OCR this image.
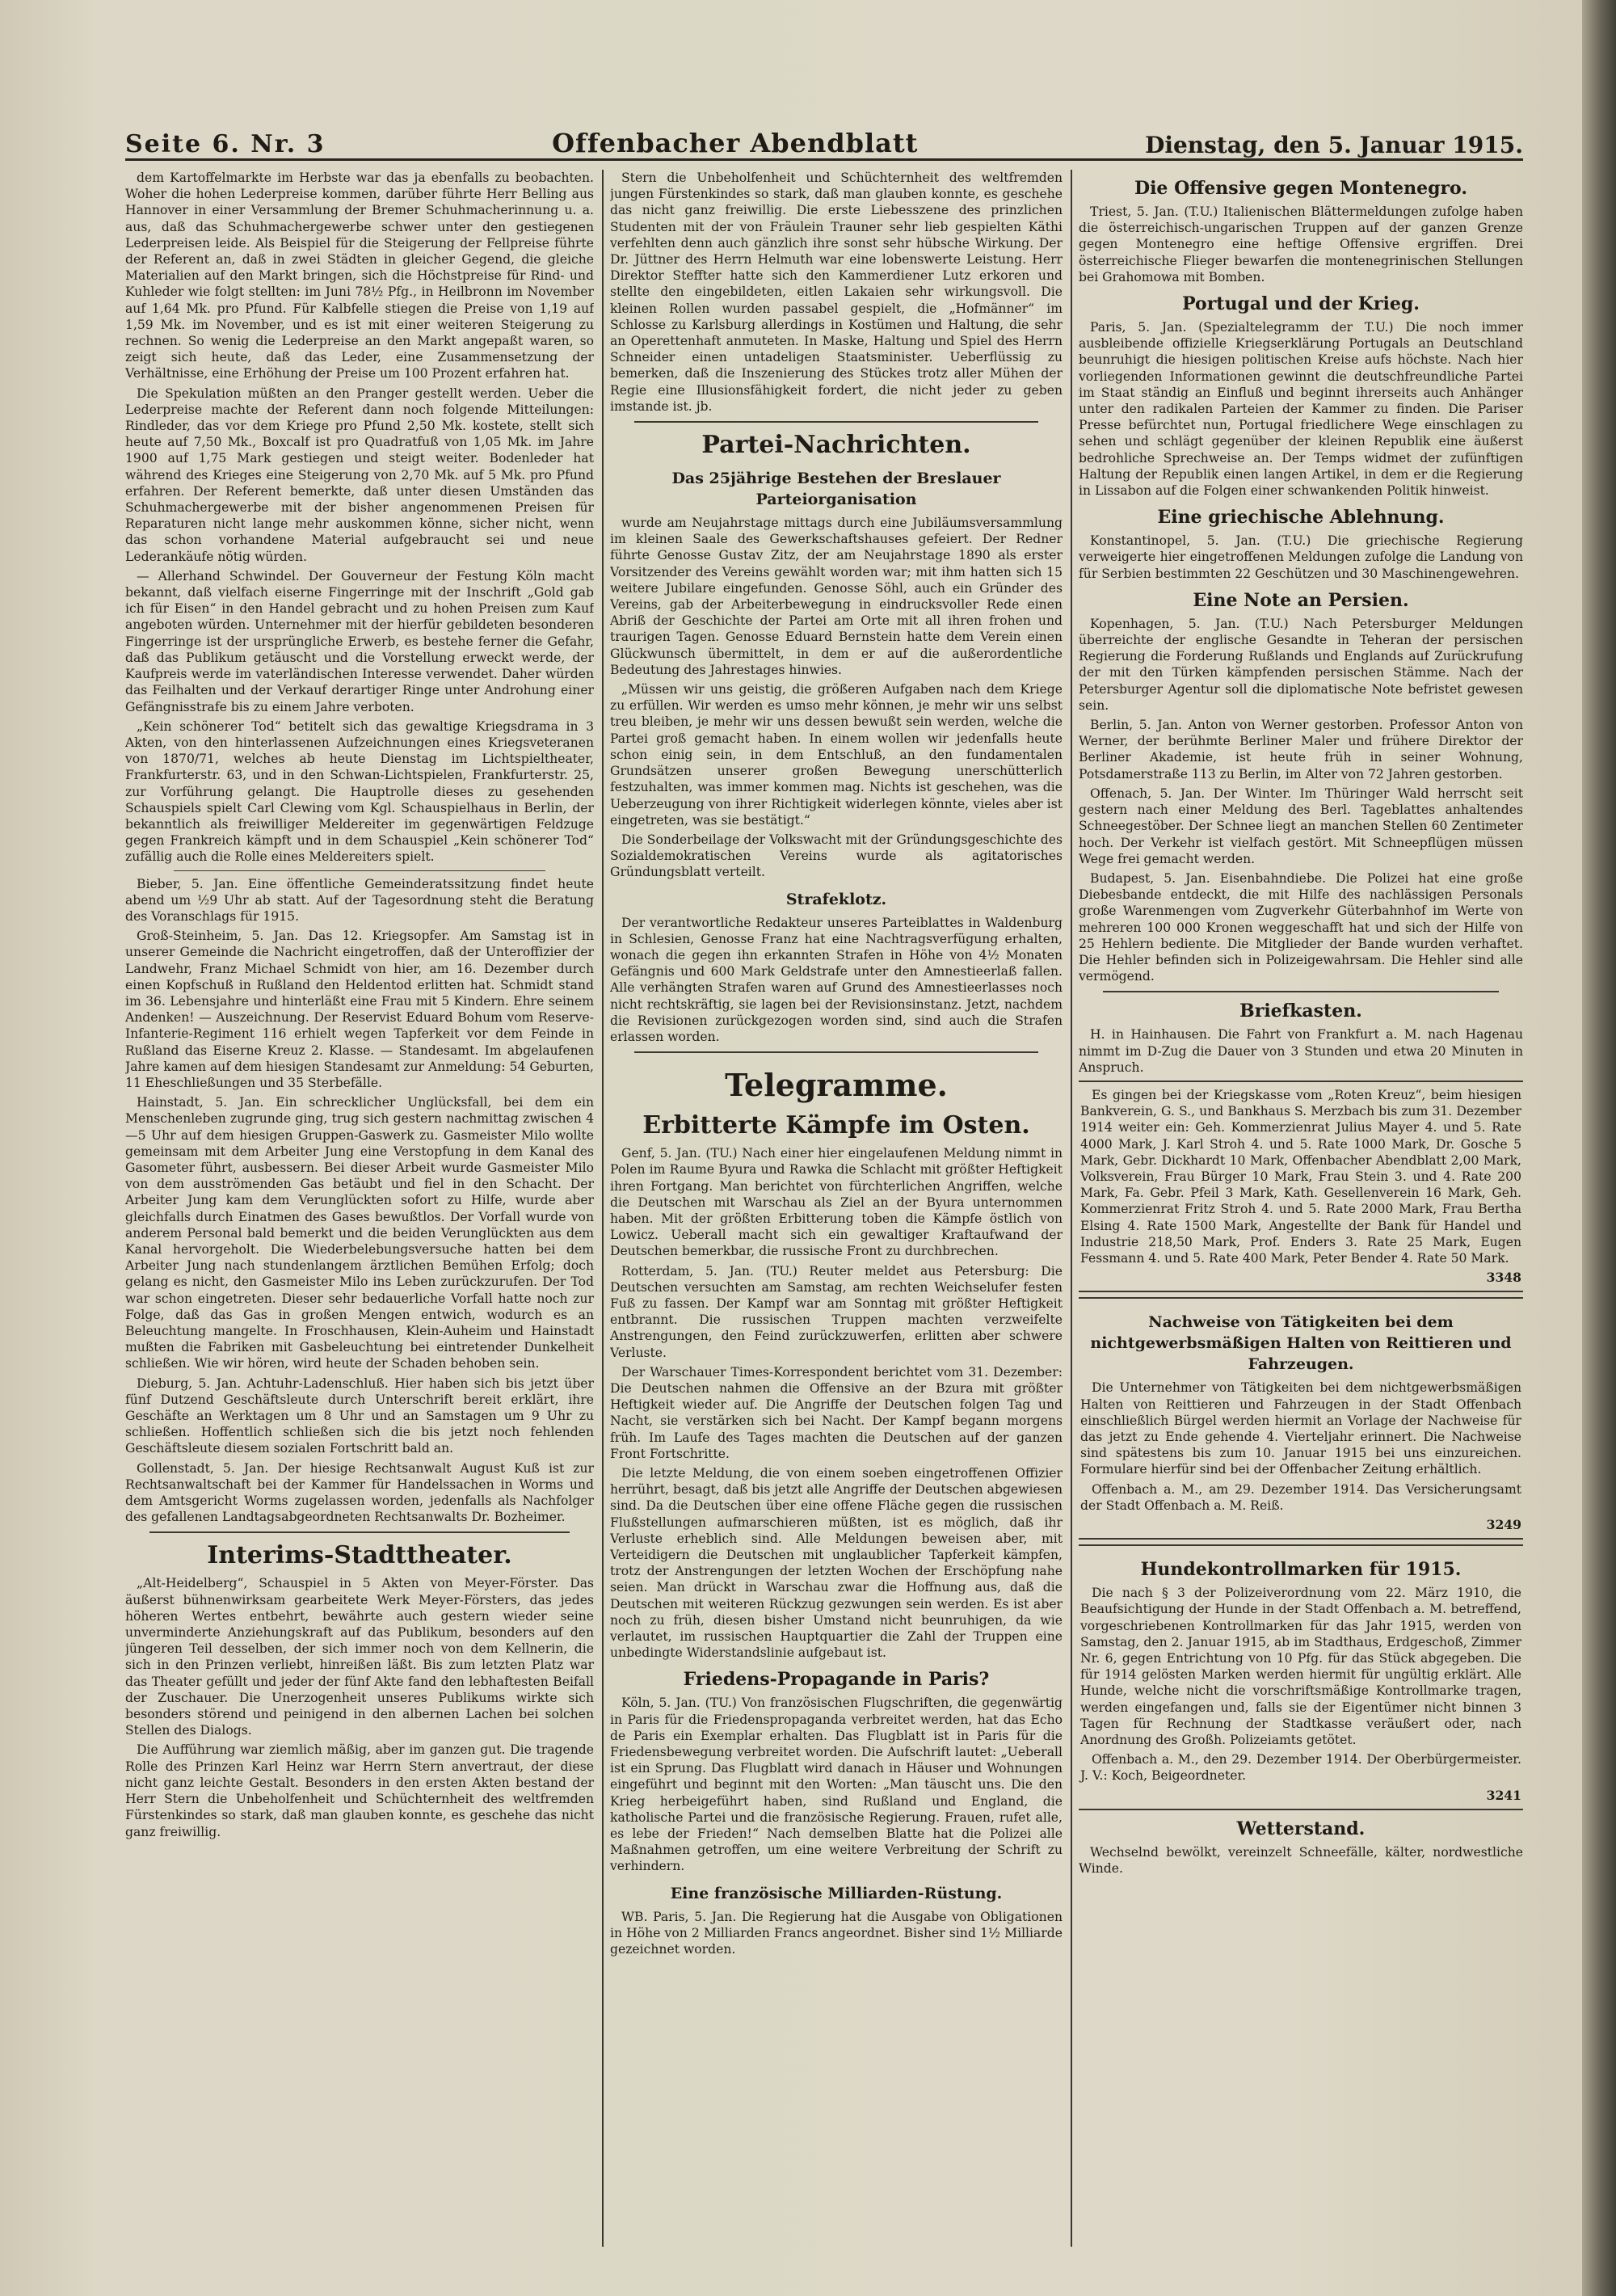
Seite 6. Nr. 3	Offenbacher Abendblatt	Dienstag, den 5. Januar 1915.

dem Kartoffelmarkte im Herbste war das ja ebenfalls zu beobachten. Woher die hohen Lederpreise kommen, darüber führte Herr Belling aus Hannover in einer Versammlung der Bremer Schuhmacherinnung u. a. aus, daß das Schuhmachergewerbe schwer unter den gestiegenen Lederpreisen leide. Als Beispiel für die Steigerung der Fellpreise führte der Referent an, daß in zwei Städten in gleicher Gegend, die gleiche Materialien auf den Markt bringen, sich die Höchstpreise für Rind- und Kuhleder wie folgt stellten: im Juni 78½ Pfg., in Heilbronn im November auf 1,64 Mk. pro Pfund. Für Kalbfelle stiegen die Preise von 1,19 auf 1,59 Mk. im November, und es ist mit einer weiteren Steigerung zu rechnen. So wenig die Lederpreise an den Markt angepaßt waren, so zeigt sich heute, daß das Leder, eine Zusammensetzung der Verhältnisse, eine Erhöhung der Preise um 100 Prozent erfahren hat.

Die Spekulation müßten an den Pranger gestellt werden. Ueber die Lederpreise machte der Referent dann noch folgende Mitteilungen: Rindleder, das vor dem Kriege pro Pfund 2,50 Mk. kostete, stellt sich heute auf 7,50 Mk., Boxcalf ist pro Quadratfuß von 1,05 Mk. im Jahre 1900 auf 1,75 Mark gestiegen und steigt weiter. Bodenleder hat während des Krieges eine Steigerung von 2,70 Mk. auf 5 Mk. pro Pfund erfahren. Der Referent bemerkte, daß unter diesen Umständen das Schuhmachergewerbe mit der bisher angenommenen Preisen für Reparaturen nicht lange mehr auskommen könne, sicher nicht, wenn das schon vorhandene Material aufgebraucht sei und neue Lederankäufe nötig würden.

— Allerhand Schwindel. Der Gouverneur der Festung Köln macht bekannt, daß vielfach eiserne Fingerringe mit der Inschrift „Gold gab ich für Eisen“ in den Handel gebracht und zu hohen Preisen zum Kauf angeboten würden. Unternehmer mit der hierfür gebildeten besonderen Fingerringe ist der ursprüngliche Erwerb, es bestehe ferner die Gefahr, daß das Publikum getäuscht und die Vorstellung erweckt werde, der Kaufpreis werde im vaterländischen Interesse verwendet. Daher würden das Feilhalten und der Verkauf derartiger Ringe unter Androhung einer Gefängnisstrafe bis zu einem Jahre verboten.

„Kein schönerer Tod“ betitelt sich das gewaltige Kriegsdrama in 3 Akten, von den hinterlassenen Aufzeichnungen eines Kriegsveteranen von 1870/71, welches ab heute Dienstag im Lichtspieltheater, Frankfurterstr. 63, und in den Schwan-Lichtspielen, Frankfurterstr. 25, zur Vorführung gelangt. Die Hauptrolle dieses zu gesehenden Schauspiels spielt Carl Clewing vom Kgl. Schauspielhaus in Berlin, der bekanntlich als freiwilliger Meldereiter im gegenwärtigen Feldzuge gegen Frankreich kämpft und in dem Schauspiel „Kein schönerer Tod“ zufällig auch die Rolle eines Meldereiters spielt.

Bieber, 5. Jan. Eine öffentliche Gemeinderatssitzung findet heute abend um ½9 Uhr ab statt. Auf der Tagesordnung steht die Beratung des Voranschlags für 1915.

Groß-Steinheim, 5. Jan. Das 12. Kriegsopfer. Am Samstag ist in unserer Gemeinde die Nachricht eingetroffen, daß der Unteroffizier der Landwehr, Franz Michael Schmidt von hier, am 16. Dezember durch einen Kopfschuß in Rußland den Heldentod erlitten hat. Schmidt stand im 36. Lebensjahre und hinterläßt eine Frau mit 5 Kindern. Ehre seinem Andenken! — Auszeichnung. Der Reservist Eduard Bohum vom Reserve-Infanterie-Regiment 116 erhielt wegen Tapferkeit vor dem Feinde in Rußland das Eiserne Kreuz 2. Klasse. — Standesamt. Im abgelaufenen Jahre kamen auf dem hiesigen Standesamt zur Anmeldung: 54 Geburten, 11 Eheschließungen und 35 Sterbefälle.

Hainstadt, 5. Jan. Ein schrecklicher Unglücksfall, bei dem ein Menschenleben zugrunde ging, trug sich gestern nachmittag zwischen 4—5 Uhr auf dem hiesigen Gruppen-Gaswerk zu. Gasmeister Milo wollte gemeinsam mit dem Arbeiter Jung eine Verstopfung in dem Kanal des Gasometer führt, ausbessern. Bei dieser Arbeit wurde Gasmeister Milo von dem ausströmenden Gas betäubt und fiel in den Schacht. Der Arbeiter Jung kam dem Verunglückten sofort zu Hilfe, wurde aber gleichfalls durch Einatmen des Gases bewußtlos. Der Vorfall wurde von anderem Personal bald bemerkt und die beiden Verunglückten aus dem Kanal hervorgeholt. Die Wiederbelebungsversuche hatten bei dem Arbeiter Jung nach stundenlangem ärztlichen Bemühen Erfolg; doch gelang es nicht, den Gasmeister Milo ins Leben zurückzurufen. Der Tod war schon eingetreten. Dieser sehr bedauerliche Vorfall hatte noch zur Folge, daß das Gas in großen Mengen entwich, wodurch es an Beleuchtung mangelte. In Froschhausen, Klein-Auheim und Hainstadt mußten die Fabriken mit Gasbeleuchtung bei eintretender Dunkelheit schließen. Wie wir hören, wird heute der Schaden behoben sein.

Dieburg, 5. Jan. Achtuhr-Ladenschluß. Hier haben sich bis jetzt über fünf Dutzend Geschäftsleute durch Unterschrift bereit erklärt, ihre Geschäfte an Werktagen um 8 Uhr und an Samstagen um 9 Uhr zu schließen. Hoffentlich schließen sich die bis jetzt noch fehlenden Geschäftsleute diesem sozialen Fortschritt bald an.

Gollenstadt, 5. Jan. Der hiesige Rechtsanwalt August Kuß ist zur Rechtsanwaltschaft bei der Kammer für Handelssachen in Worms und dem Amtsgericht Worms zugelassen worden, jedenfalls als Nachfolger des gefallenen Landtagsabgeordneten Rechtsanwalts Dr. Bozheimer.

Interims-Stadttheater.

„Alt-Heidelberg“, Schauspiel in 5 Akten von Meyer-Förster. Das äußerst bühnenwirksam gearbeitete Werk Meyer-Försters, das jedes höheren Wertes entbehrt, bewährte auch gestern wieder seine unverminderte Anziehungskraft auf das Publikum, besonders auf den jüngeren Teil desselben, der sich immer noch von dem Kellnerin, die sich in den Prinzen verliebt, hinreißen läßt. Bis zum letzten Platz war das Theater gefüllt und jeder der fünf Akte fand den lebhaftesten Beifall der Zuschauer. Die Unerzogenheit unseres Publikums wirkte sich besonders störend und peinigend in den albernen Lachen bei solchen Stellen des Dialogs.

Die Aufführung war ziemlich mäßig, aber im ganzen gut. Die tragende Rolle des Prinzen Karl Heinz war Herrn Stern anvertraut, der diese nicht ganz leichte Gestalt. Besonders in den ersten Akten bestand der Herr Stern die Unbeholfenheit und Schüchternheit des weltfremden Fürstenkindes so stark, daß man glauben konnte, es geschehe das nicht ganz freiwillig.

Stern die Unbeholfenheit und Schüchternheit des weltfremden jungen Fürstenkindes so stark, daß man glauben konnte, es geschehe das nicht ganz freiwillig. Die erste Liebesszene des prinzlichen Studenten mit der von Fräulein Trauner sehr lieb gespielten Käthi verfehlten denn auch gänzlich ihre sonst sehr hübsche Wirkung. Der Dr. Jüttner des Herrn Helmuth war eine lobenswerte Leistung. Herr Direktor Steffter hatte sich den Kammerdiener Lutz erkoren und stellte den eingebildeten, eitlen Lakaien sehr wirkungsvoll. Die kleinen Rollen wurden passabel gespielt, die „Hofmänner“ im Schlosse zu Karlsburg allerdings in Kostümen und Haltung, die sehr an Operettenhaft anmuteten. In Maske, Haltung und Spiel des Herrn Schneider einen untadeligen Staatsminister. Ueberflüssig zu bemerken, daß die Inszenierung des Stückes trotz aller Mühen der Regie eine Illusionsfähigkeit fordert, die nicht jeder zu geben imstande ist. jb.

Partei-Nachrichten.
Das 25jährige Bestehen der Breslauer Parteiorganisation

wurde am Neujahrstage mittags durch eine Jubiläumsversammlung im kleinen Saale des Gewerkschaftshauses gefeiert. Der Redner führte Genosse Gustav Zitz, der am Neujahrstage 1890 als erster Vorsitzender des Vereins gewählt worden war; mit ihm hatten sich 15 weitere Jubilare eingefunden. Genosse Söhl, auch ein Gründer des Vereins, gab der Arbeiterbewegung in eindrucksvoller Rede einen Abriß der Geschichte der Partei am Orte mit all ihren frohen und traurigen Tagen. Genosse Eduard Bernstein hatte dem Verein einen Glückwunsch übermittelt, in dem er auf die außerordentliche Bedeutung des Jahrestages hinwies.

„Müssen wir uns geistig, die größeren Aufgaben nach dem Kriege zu erfüllen. Wir werden es umso mehr können, je mehr wir uns selbst treu bleiben, je mehr wir uns dessen bewußt sein werden, welche die Partei groß gemacht haben. In einem wollen wir jedenfalls heute schon einig sein, in dem Entschluß, an den fundamentalen Grundsätzen unserer großen Bewegung unerschütterlich festzuhalten, was immer kommen mag. Nichts ist geschehen, was die Ueberzeugung von ihrer Richtigkeit widerlegen könnte, vieles aber ist eingetreten, was sie bestätigt.“

Die Sonderbeilage der Volkswacht mit der Gründungsgeschichte des Sozialdemokratischen Vereins wurde als agitatorisches Gründungsblatt verteilt.

Strafeklotz.

Der verantwortliche Redakteur unseres Parteiblattes in Waldenburg in Schlesien, Genosse Franz hat eine Nachtragsverfügung erhalten, wonach die gegen ihn erkannten Strafen in Höhe von 4½ Monaten Gefängnis und 600 Mark Geldstrafe unter den Amnestieerlaß fallen. Alle verhängten Strafen waren auf Grund des Amnestieerlasses noch nicht rechtskräftig, sie lagen bei der Revisionsinstanz. Jetzt, nachdem die Revisionen zurückgezogen worden sind, sind auch die Strafen erlassen worden.

Telegramme.
Erbitterte Kämpfe im Osten.

Genf, 5. Jan. (TU.) Nach einer hier eingelaufenen Meldung nimmt in Polen im Raume Byura und Rawka die Schlacht mit größter Heftigkeit ihren Fortgang. Man berichtet von fürchterlichen Angriffen, welche die Deutschen mit Warschau als Ziel an der Byura unternommen haben. Mit der größten Erbitterung toben die Kämpfe östlich von Lowicz. Ueberall macht sich ein gewaltiger Kraftaufwand der Deutschen bemerkbar, die russische Front zu durchbrechen.

Rotterdam, 5. Jan. (TU.) Reuter meldet aus Petersburg: Die Deutschen versuchten am Samstag, am rechten Weichselufer festen Fuß zu fassen. Der Kampf war am Sonntag mit größter Heftigkeit entbrannt. Die russischen Truppen machten verzweifelte Anstrengungen, den Feind zurückzuwerfen, erlitten aber schwere Verluste.

Der Warschauer Times-Korrespondent berichtet vom 31. Dezember: Die Deutschen nahmen die Offensive an der Bzura mit größter Heftigkeit wieder auf. Die Angriffe der Deutschen folgen Tag und Nacht, sie verstärken sich bei Nacht. Der Kampf begann morgens früh. Im Laufe des Tages machten die Deutschen auf der ganzen Front Fortschritte.

Die letzte Meldung, die von einem soeben eingetroffenen Offizier herrührt, besagt, daß bis jetzt alle Angriffe der Deutschen abgewiesen sind. Da die Deutschen über eine offene Fläche gegen die russischen Flußstellungen aufmarschieren müßten, ist es möglich, daß ihr Verluste erheblich sind. Alle Meldungen beweisen aber, mit Verteidigern die Deutschen mit unglaublicher Tapferkeit kämpfen, trotz der Anstrengungen der letzten Wochen der Erschöpfung nahe seien. Man drückt in Warschau zwar die Hoffnung aus, daß die Deutschen mit weiteren Rückzug gezwungen sein werden. Es ist aber noch zu früh, diesen bisher Umstand nicht beunruhigen, da wie verlautet, im russischen Hauptquartier die Zahl der Truppen eine unbedingte Widerstandslinie aufgebaut ist.

Friedens-Propagande in Paris?

Köln, 5. Jan. (TU.) Von französischen Flugschriften, die gegenwärtig in Paris für die Friedenspropaganda verbreitet werden, hat das Echo de Paris ein Exemplar erhalten. Das Flugblatt ist in Paris für die Friedensbewegung verbreitet worden. Die Aufschrift lautet: „Ueberall ist ein Sprung. Das Flugblatt wird danach in Häuser und Wohnungen eingeführt und beginnt mit den Worten: „Man täuscht uns. Die den Krieg herbeigeführt haben, sind Rußland und England, die katholische Partei und die französische Regierung. Frauen, rufet alle, es lebe der Frieden!“ Nach demselben Blatte hat die Polizei alle Maßnahmen getroffen, um eine weitere Verbreitung der Schrift zu verhindern.

Eine französische Milliarden-Rüstung.

WB. Paris, 5. Jan. Die Regierung hat die Ausgabe von Obligationen in Höhe von 2 Milliarden Francs angeordnet. Bisher sind 1½ Milliarde gezeichnet worden.

Die Offensive gegen Montenegro.

Triest, 5. Jan. (T.U.) Italienischen Blättermeldungen zufolge haben die österreichisch-ungarischen Truppen auf der ganzen Grenze gegen Montenegro eine heftige Offensive ergriffen. Drei österreichische Flieger bewarfen die montenegrinischen Stellungen bei Grahomowa mit Bomben.

Portugal und der Krieg.

Paris, 5. Jan. (Spezialtelegramm der T.U.) Die noch immer ausbleibende offizielle Kriegserklärung Portugals an Deutschland beunruhigt die hiesigen politischen Kreise aufs höchste. Nach hier vorliegenden Informationen gewinnt die deutschfreundliche Partei im Staat ständig an Einfluß und beginnt ihrerseits auch Anhänger unter den radikalen Parteien der Kammer zu finden. Die Pariser Presse befürchtet nun, Portugal friedlichere Wege einschlagen zu sehen und schlägt gegenüber der kleinen Republik eine äußerst bedrohliche Sprechweise an. Der Temps widmet der zufünftigen Haltung der Republik einen langen Artikel, in dem er die Regierung in Lissabon auf die Folgen einer schwankenden Politik hinweist.

Eine griechische Ablehnung.

Konstantinopel, 5. Jan. (T.U.) Die griechische Regierung verweigerte hier eingetroffenen Meldungen zufolge die Landung von für Serbien bestimmten 22 Geschützen und 30 Maschinengewehren.

Eine Note an Persien.

Kopenhagen, 5. Jan. (T.U.) Nach Petersburger Meldungen überreichte der englische Gesandte in Teheran der persischen Regierung die Forderung Rußlands und Englands auf Zurückrufung der mit den Türken kämpfenden persischen Stämme. Nach der Petersburger Agentur soll die diplomatische Note befristet gewesen sein.

Berlin, 5. Jan. Anton von Werner gestorben. Professor Anton von Werner, der berühmte Berliner Maler und frühere Direktor der Berliner Akademie, ist heute früh in seiner Wohnung, Potsdamerstraße 113 zu Berlin, im Alter von 72 Jahren gestorben.

Offenach, 5. Jan. Der Winter. Im Thüringer Wald herrscht seit gestern nach einer Meldung des Berl. Tageblattes anhaltendes Schneegestöber. Der Schnee liegt an manchen Stellen 60 Zentimeter hoch. Der Verkehr ist vielfach gestört. Mit Schneepflügen müssen Wege frei gemacht werden.

Budapest, 5. Jan. Eisenbahndiebe. Die Polizei hat eine große Diebesbande entdeckt, die mit Hilfe des nachlässigen Personals große Warenmengen vom Zugverkehr Güterbahnhof im Werte von mehreren 100 000 Kronen weggeschafft hat und sich der Hilfe von 25 Hehlern bediente. Die Mitglieder der Bande wurden verhaftet. Die Hehler befinden sich in Polizeigewahrsam. Die Hehler sind alle vermögend.

Briefkasten.

H. in Hainhausen. Die Fahrt von Frankfurt a. M. nach Hagenau nimmt im D-Zug die Dauer von 3 Stunden und etwa 20 Minuten in Anspruch.

Es gingen bei der Kriegskasse vom „Roten Kreuz“, beim hiesigen Bankverein, G. S., und Bankhaus S. Merzbach bis zum 31. Dezember 1914 weiter ein: Geh. Kommerzienrat Julius Mayer 4. und 5. Rate 4000 Mark, J. Karl Stroh 4. und 5. Rate 1000 Mark, Dr. Gosche 5 Mark, Gebr. Dickhardt 10 Mark, Offenbacher Abendblatt 2,00 Mark, Volksverein, Frau Bürger 10 Mark, Frau Stein 3. und 4. Rate 200 Mark, Fa. Gebr. Pfeil 3 Mark, Kath. Gesellenverein 16 Mark, Geh. Kommerzienrat Fritz Stroh 4. und 5. Rate 2000 Mark, Frau Bertha Elsing 4. Rate 1500 Mark, Angestellte der Bank für Handel und Industrie 218,50 Mark, Prof. Enders 3. Rate 25 Mark, Eugen Fessmann 4. und 5. Rate 400 Mark, Peter Bender 4. Rate 50 Mark.

3348
Nachweise von Tätigkeiten bei dem nichtgewerbsmäßigen Halten von Reittieren und Fahrzeugen.

Die Unternehmer von Tätigkeiten bei dem nichtgewerbsmäßigen Halten von Reittieren und Fahrzeugen in der Stadt Offenbach einschließlich Bürgel werden hiermit an Vorlage der Nachweise für das jetzt zu Ende gehende 4. Vierteljahr erinnert. Die Nachweise sind spätestens bis zum 10. Januar 1915 bei uns einzureichen. Formulare hierfür sind bei der Offenbacher Zeitung erhältlich.

Offenbach a. M., am 29. Dezember 1914. Das Versicherungsamt der Stadt Offenbach a. M. Reiß.

3249
Hundekontrollmarken für 1915.

Die nach § 3 der Polizeiverordnung vom 22. März 1910, die Beaufsichtigung der Hunde in der Stadt Offenbach a. M. betreffend, vorgeschriebenen Kontrollmarken für das Jahr 1915, werden von Samstag, den 2. Januar 1915, ab im Stadthaus, Erdgeschoß, Zimmer Nr. 6, gegen Entrichtung von 10 Pfg. für das Stück abgegeben. Die für 1914 gelösten Marken werden hiermit für ungültig erklärt. Alle Hunde, welche nicht die vorschriftsmäßige Kontrollmarke tragen, werden eingefangen und, falls sie der Eigentümer nicht binnen 3 Tagen für Rechnung der Stadtkasse veräußert oder, nach Anordnung des Großh. Polizeiamts getötet.

Offenbach a. M., den 29. Dezember 1914. Der Oberbürgermeister. J. V.: Koch, Beigeordneter.

3241
Wetterstand.

Wechselnd bewölkt, vereinzelt Schneefälle, kälter, nordwestliche Winde.
